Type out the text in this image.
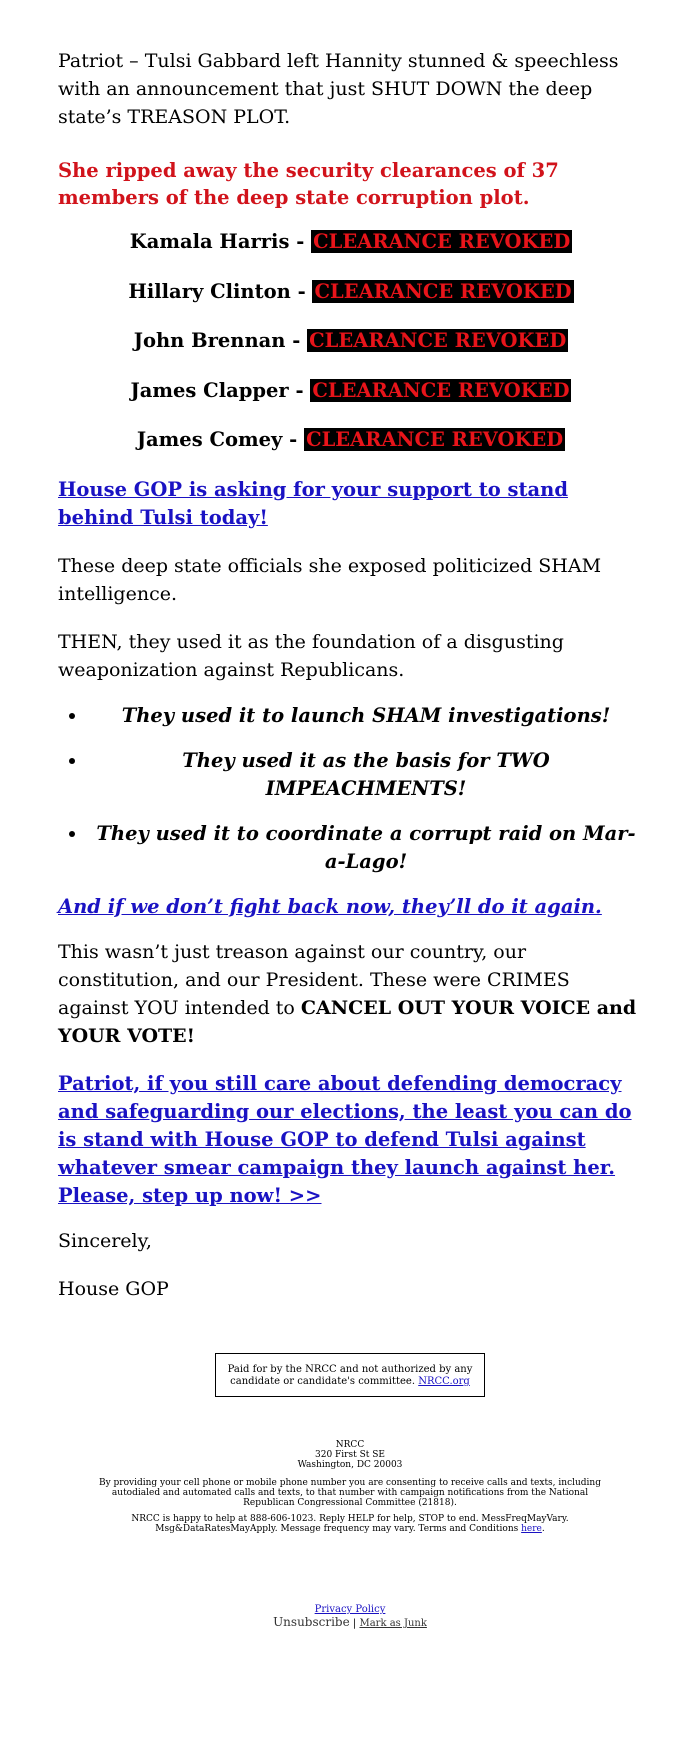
Patriot – Tulsi Gabbard left Hannity stunned & speechless with an announcement that just SHUT DOWN the deep state’s TREASON PLOT.

She ripped away the security clearances of 37 members of the deep state corruption plot.

Kamala Harris - CLEARANCE REVOKED
Hillary Clinton - CLEARANCE REVOKED
John Brennan - CLEARANCE REVOKED
James Clapper - CLEARANCE REVOKED
James Comey - CLEARANCE REVOKED

House GOP is asking for your support to stand behind Tulsi today!

These deep state officials she exposed politicized SHAM intelligence.

THEN, they used it as the foundation of a disgusting weaponization against Republicans.

• They used it to launch SHAM investigations!
• They used it as the basis for TWO IMPEACHMENTS!
• They used it to coordinate a corrupt raid on Mar-a-Lago!

And if we don’t fight back now, they’ll do it again.

This wasn’t just treason against our country, our constitution, and our President. These were CRIMES against YOU intended to CANCEL OUT YOUR VOICE and YOUR VOTE!

Patriot, if you still care about defending democracy and safeguarding our elections, the least you can do is stand with House GOP to defend Tulsi against whatever smear campaign they launch against her. Please, step up now! >>

Sincerely,

House GOP

Paid for by the NRCC and not authorized by any candidate or candidate's committee. NRCC.org
NRCC
320 First St SE
Washington, DC 20003
By providing your cell phone or mobile phone number you are consenting to receive calls and texts, including autodialed and automated calls and texts, to that number with campaign notifications from the National Republican Congressional Committee (21818).
NRCC is happy to help at 888-606-1023. Reply HELP for help, STOP to end. MessFreqMayVary. Msg&DataRatesMayApply. Message frequency may vary. Terms and Conditions here.
Privacy Policy
Unsubscribe | Mark as Junk
